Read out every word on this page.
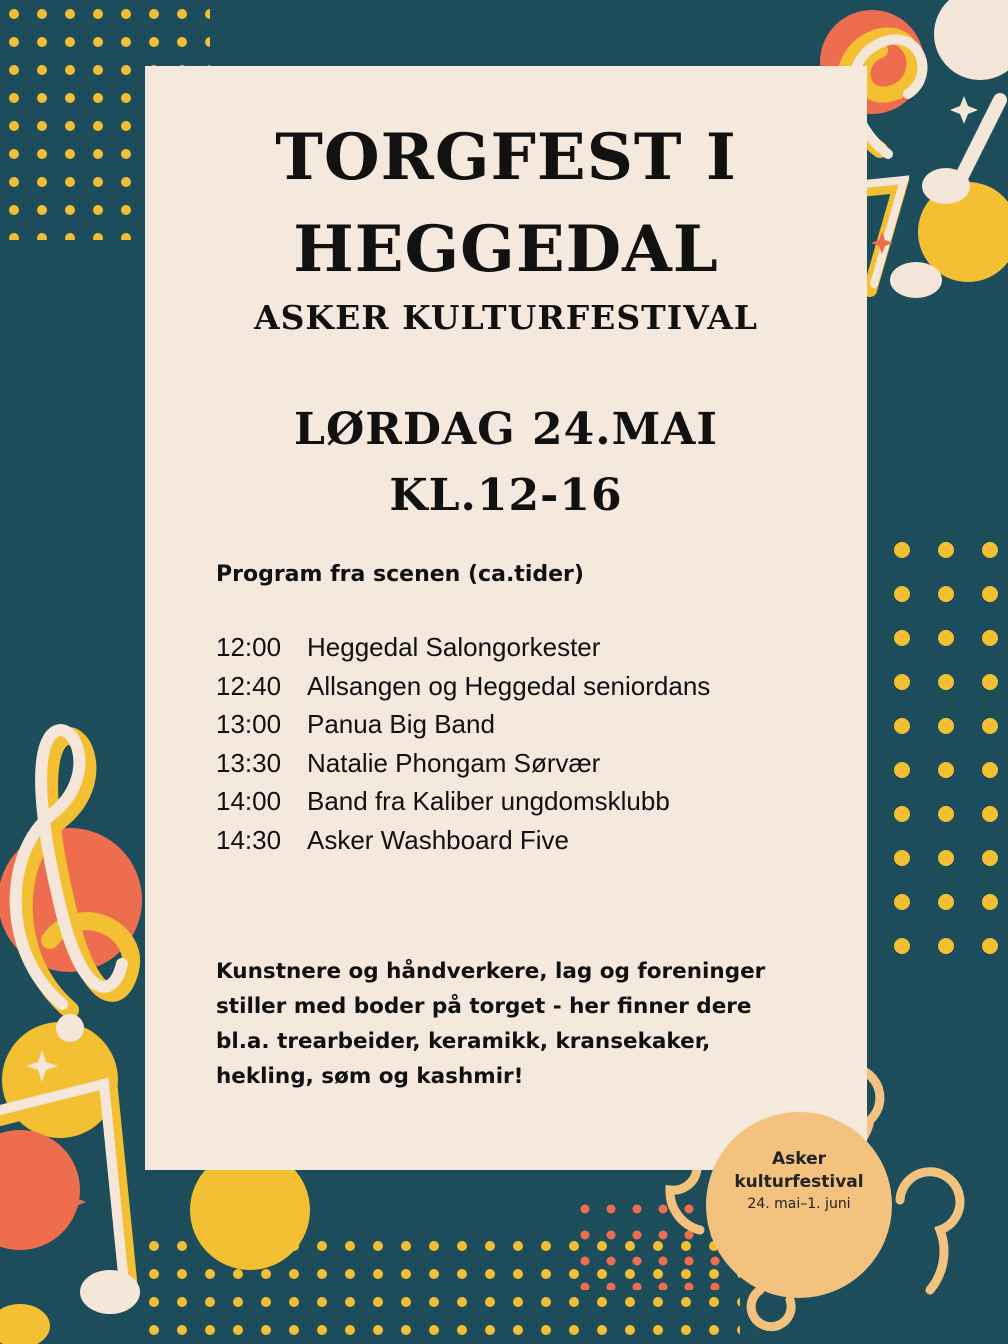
TORGFEST I
HEGGEDAL
ASKER KULTURFESTIVAL
LØRDAG 24.MAI
KL.12-16
Program fra scenen (ca.tider)
12:00 Heggedal Salongorkester
12:40 Allsangen og Heggedal seniordans
13:00 Panua Big Band
13:30 Natalie Phongam Sørvær
14:00 Band fra Kaliber ungdomsklubb
14:30 Asker Washboard Five
Kunstnere og håndverkere, lag og foreninger
stiller med boder på torget - her finner dere
bl.a. trearbeider, keramikk, kransekaker,
hekling, søm og kashmir!
Asker
kulturfestival
24. mai–1. juni
